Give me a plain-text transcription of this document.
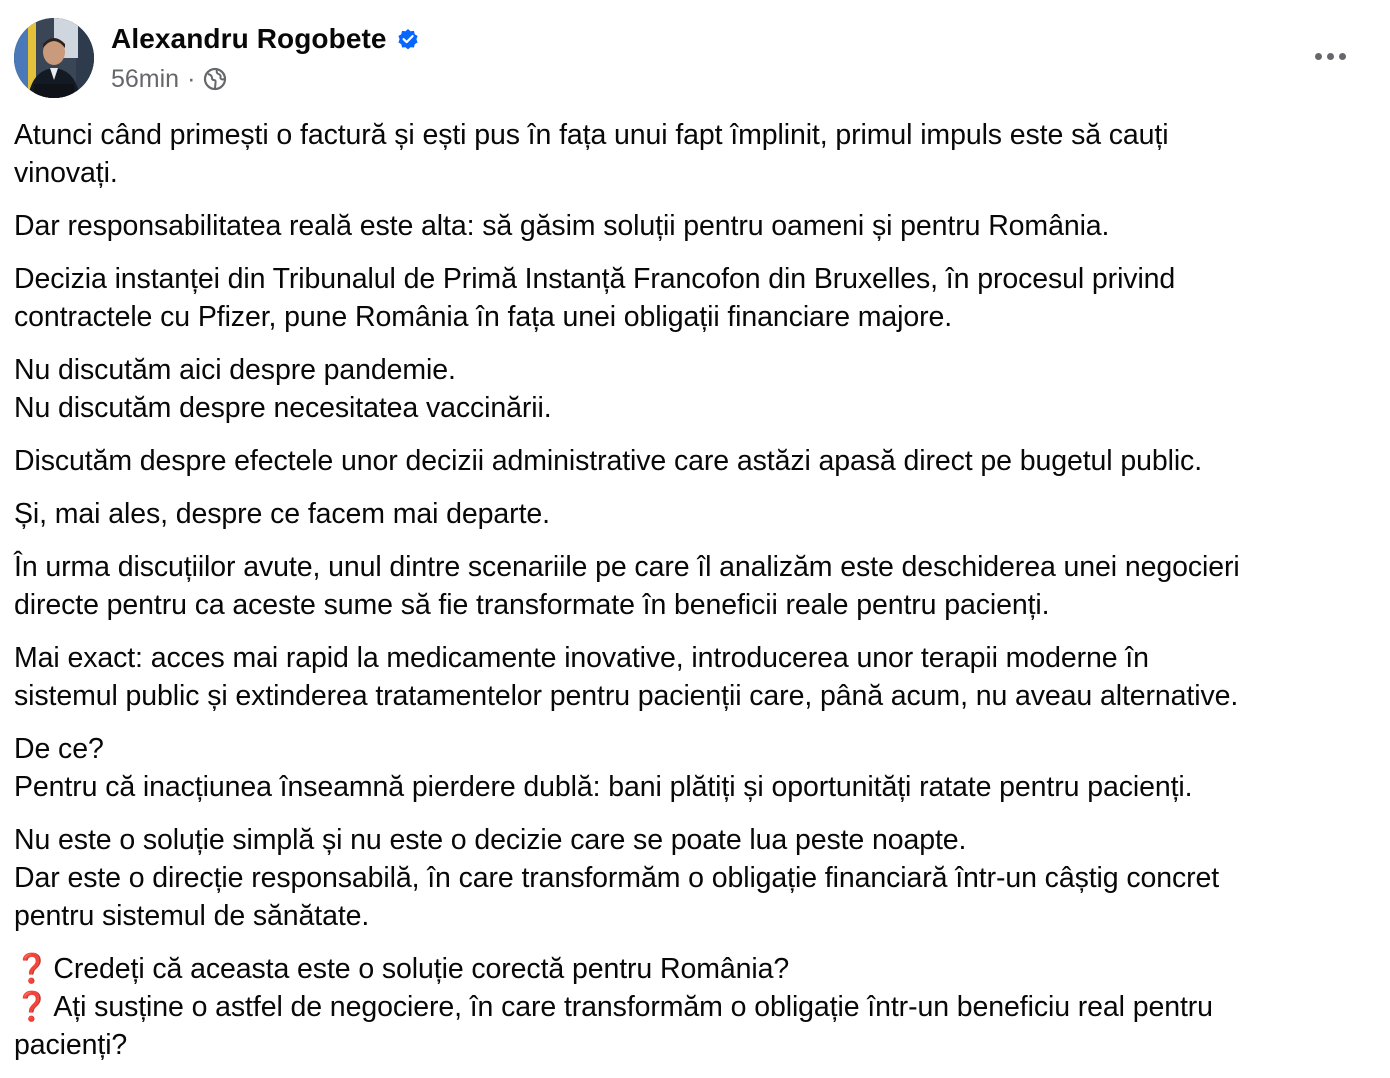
Alexandru Rogobete
56min ·
Atunci când primești o factură și ești pus în fața unui fapt împlinit, primul impuls este să cauți
vinovați.
Dar responsabilitatea reală este alta: să găsim soluții pentru oameni și pentru România.
Decizia instanței din Tribunalul de Primă Instanță Francofon din Bruxelles, în procesul privind
contractele cu Pfizer, pune România în fața unei obligații financiare majore.
Nu discutăm aici despre pandemie.
Nu discutăm despre necesitatea vaccinării.
Discutăm despre efectele unor decizii administrative care astăzi apasă direct pe bugetul public.
Și, mai ales, despre ce facem mai departe.
În urma discuțiilor avute, unul dintre scenariile pe care îl analizăm este deschiderea unei negocieri
directe pentru ca aceste sume să fie transformate în beneficii reale pentru pacienți.
Mai exact: acces mai rapid la medicamente inovative, introducerea unor terapii moderne în
sistemul public și extinderea tratamentelor pentru pacienții care, până acum, nu aveau alternative.
De ce?
Pentru că inacțiunea înseamnă pierdere dublă: bani plătiți și oportunități ratate pentru pacienți.
Nu este o soluție simplă și nu este o decizie care se poate lua peste noapte.
Dar este o direcție responsabilă, în care transformăm o obligație financiară într-un câștig concret
pentru sistemul de sănătate.
❓ Credeți că aceasta este o soluție corectă pentru România?
❓ Ați susține o astfel de negociere, în care transformăm o obligație într-un beneficiu real pentru
pacienți?
